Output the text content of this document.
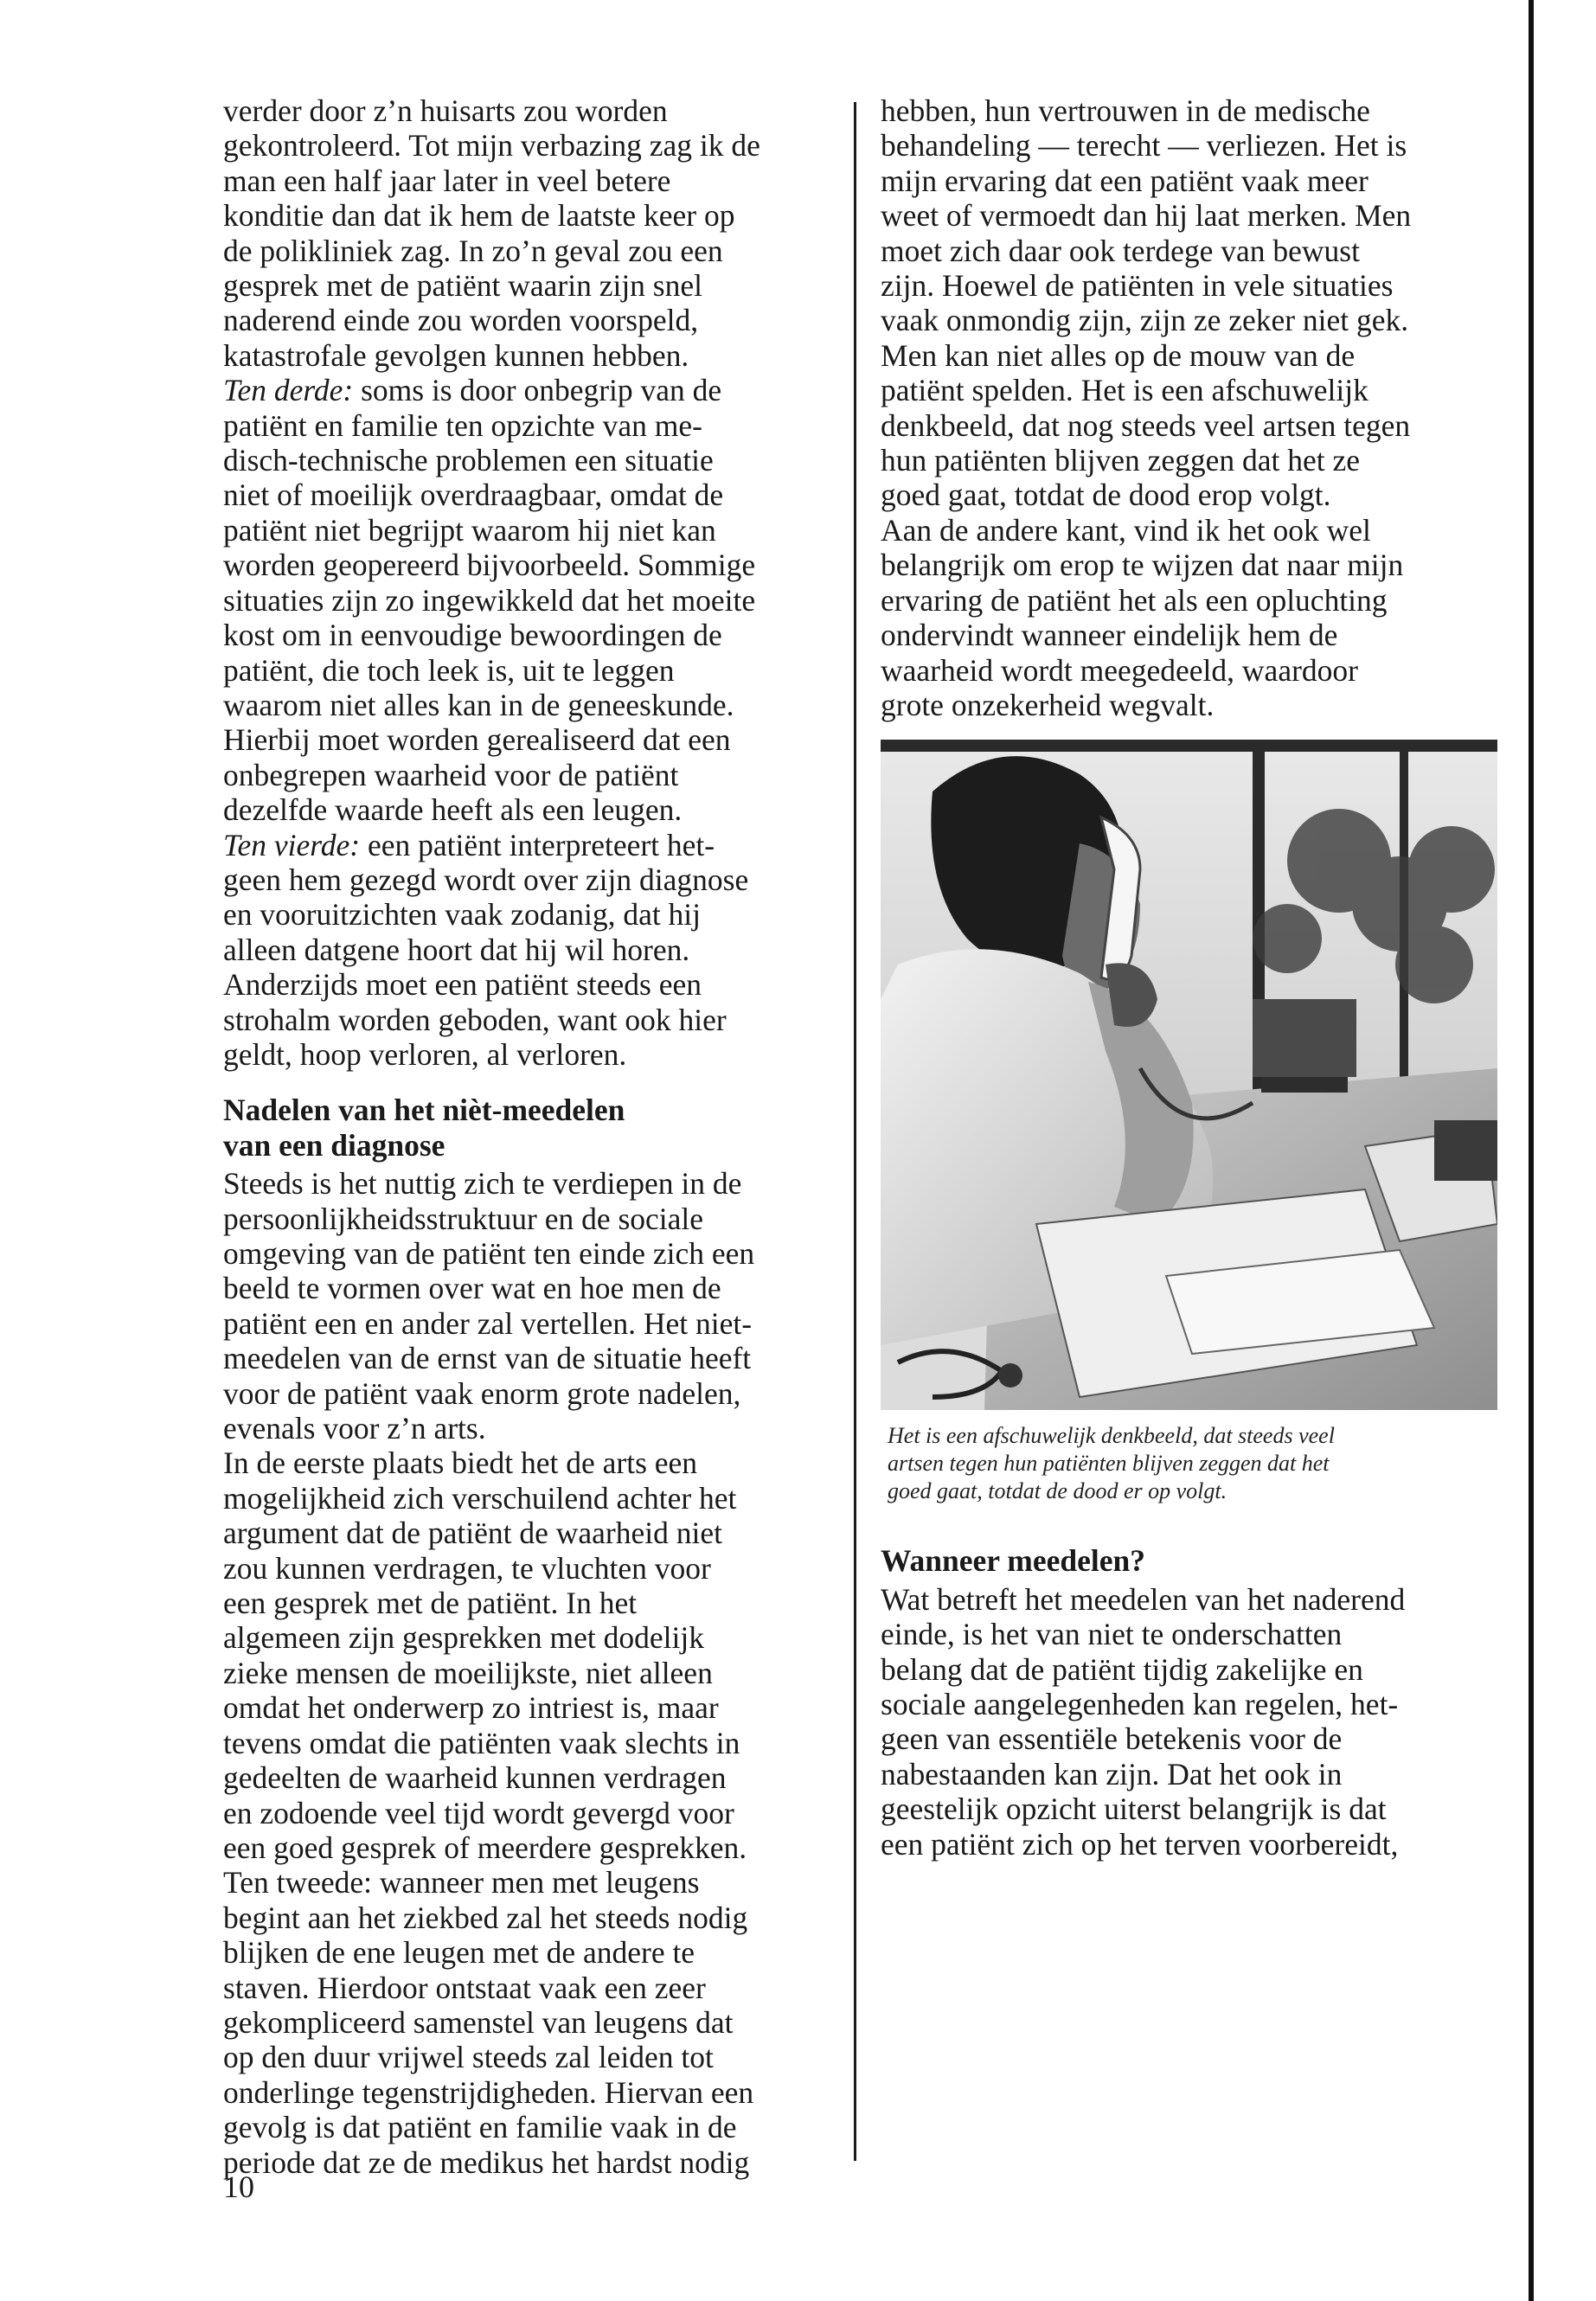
verder door z’n huisarts zou worden
gekontroleerd. Tot mijn verbazing zag ik de
man een half jaar later in veel betere
konditie dan dat ik hem de laatste keer op
de polikliniek zag. In zo’n geval zou een
gesprek met de patiënt waarin zijn snel
naderend einde zou worden voorspeld,
katastrofale gevolgen kunnen hebben.

Ten derde: soms is door onbegrip van de
patiënt en familie ten opzichte van me-
disch-technische problemen een situatie
niet of moeilijk overdraagbaar, omdat de
patiënt niet begrijpt waarom hij niet kan
worden geopereerd bijvoorbeeld. Sommige
situaties zijn zo ingewikkeld dat het moeite
kost om in eenvoudige bewoordingen de
patiënt, die toch leek is, uit te leggen
waarom niet alles kan in de geneeskunde.
Hierbij moet worden gerealiseerd dat een
onbegrepen waarheid voor de patiënt
dezelfde waarde heeft als een leugen.

Ten vierde: een patiënt interpreteert het-
geen hem gezegd wordt over zijn diagnose
en vooruitzichten vaak zodanig, dat hij
alleen datgene hoort dat hij wil horen.
Anderzijds moet een patiënt steeds een
strohalm worden geboden, want ook hier
geldt, hoop verloren, al verloren.

Nadelen van het nièt-meedelen
van een diagnose

Steeds is het nuttig zich te verdiepen in de
persoonlijkheidsstruktuur en de sociale
omgeving van de patiënt ten einde zich een
beeld te vormen over wat en hoe men de
patiënt een en ander zal vertellen. Het niet-
meedelen van de ernst van de situatie heeft
voor de patiënt vaak enorm grote nadelen,
evenals voor z’n arts.

In de eerste plaats biedt het de arts een
mogelijkheid zich verschuilend achter het
argument dat de patiënt de waarheid niet
zou kunnen verdragen, te vluchten voor
een gesprek met de patiënt. In het
algemeen zijn gesprekken met dodelijk
zieke mensen de moeilijkste, niet alleen
omdat het onderwerp zo intriest is, maar
tevens omdat die patiënten vaak slechts in
gedeelten de waarheid kunnen verdragen
en zodoende veel tijd wordt gevergd voor
een goed gesprek of meerdere gesprekken.

Ten tweede: wanneer men met leugens
begint aan het ziekbed zal het steeds nodig
blijken de ene leugen met de andere te
staven. Hierdoor ontstaat vaak een zeer
gekompliceerd samenstel van leugens dat
op den duur vrijwel steeds zal leiden tot
onderlinge tegenstrijdigheden. Hiervan een
gevolg is dat patiënt en familie vaak in de
periode dat ze de medikus het hardst nodig

hebben, hun vertrouwen in de medische
behandeling — terecht — verliezen. Het is
mijn ervaring dat een patiënt vaak meer
weet of vermoedt dan hij laat merken. Men
moet zich daar ook terdege van bewust
zijn. Hoewel de patiënten in vele situaties
vaak onmondig zijn, zijn ze zeker niet gek.
Men kan niet alles op de mouw van de
patiënt spelden. Het is een afschuwelijk
denkbeeld, dat nog steeds veel artsen tegen
hun patiënten blijven zeggen dat het ze
goed gaat, totdat de dood erop volgt.

Aan de andere kant, vind ik het ook wel
belangrijk om erop te wijzen dat naar mijn
ervaring de patiënt het als een opluchting
ondervindt wanneer eindelijk hem de
waarheid wordt meegedeeld, waardoor
grote onzekerheid wegvalt.

Het is een afschuwelijk denkbeeld, dat steeds veel
artsen tegen hun patiënten blijven zeggen dat het
goed gaat, totdat de dood er op volgt.

Wanneer meedelen?

Wat betreft het meedelen van het naderend
einde, is het van niet te onderschatten
belang dat de patiënt tijdig zakelijke en
sociale aangelegenheden kan regelen, het-
geen van essentiële betekenis voor de
nabestaanden kan zijn. Dat het ook in
geestelijk opzicht uiterst belangrijk is dat
een patiënt zich op het terven voorbereidt,

10
